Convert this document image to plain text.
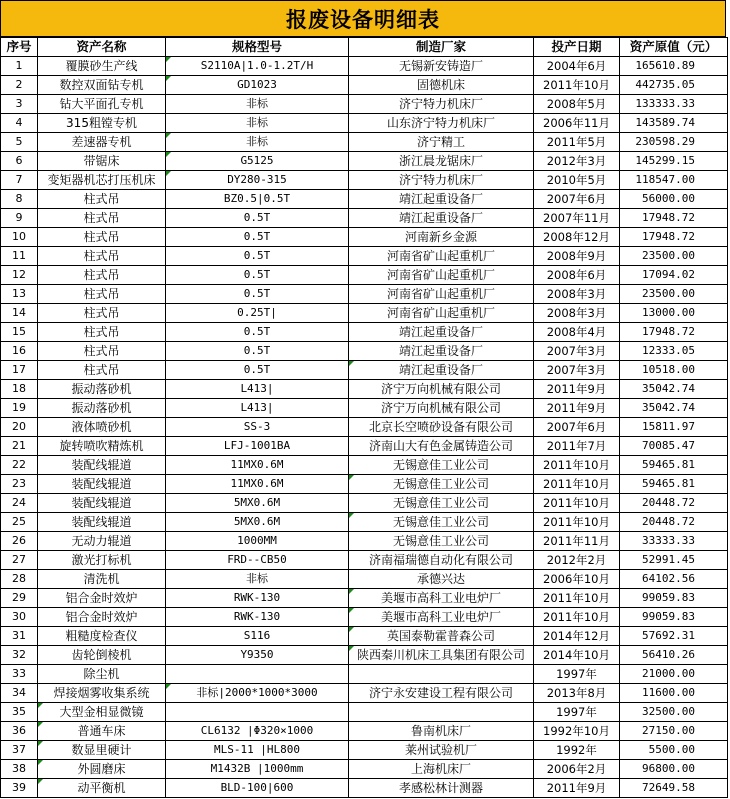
报废设备明细表
序号	资产名称	规格型号	制造厂家	投产日期	资产原值（元）
1	覆膜砂生产线	S2110A|1.0-1.2T/H	无锡新安铸造厂	2004年6月	165610.89
2	数控双面钻专机	GD1023	固德机床	2011年10月	442735.05
3	钻大平面孔专机	非标	济宁特力机床厂	2008年5月	133333.33
4	315粗镗专机	非标	山东济宁特力机床厂	2006年11月	143589.74
5	差速器专机	非标	济宁精工	2011年5月	230598.29
6	带锯床	G5125	浙江晨龙锯床厂	2012年3月	145299.15
7	变矩器机芯打压机床	DY280-315	济宁特力机床厂	2010年5月	118547.00
8	柱式吊	BZ0.5|0.5T	靖江起重设备厂	2007年6月	56000.00
9	柱式吊	0.5T	靖江起重设备厂	2007年11月	17948.72
10	柱式吊	0.5T	河南新乡金源	2008年12月	17948.72
11	柱式吊	0.5T	河南省矿山起重机厂	2008年9月	23500.00
12	柱式吊	0.5T	河南省矿山起重机厂	2008年6月	17094.02
13	柱式吊	0.5T	河南省矿山起重机厂	2008年3月	23500.00
14	柱式吊	0.25T|	河南省矿山起重机厂	2008年3月	13000.00
15	柱式吊	0.5T	靖江起重设备厂	2008年4月	17948.72
16	柱式吊	0.5T	靖江起重设备厂	2007年3月	12333.05
17	柱式吊	0.5T	靖江起重设备厂	2007年3月	10518.00
18	振动落砂机	L413|	济宁万向机械有限公司	2011年9月	35042.74
19	振动落砂机	L413|	济宁万向机械有限公司	2011年9月	35042.74
20	液体喷砂机	SS-3	北京长空喷砂设备有限公司	2007年6月	15811.97
21	旋转喷吹精炼机	LFJ-1001BA	济南山大有色金属铸造公司	2011年7月	70085.47
22	装配线辊道	11MX0.6M	无锡意佳工业公司	2011年10月	59465.81
23	装配线辊道	11MX0.6M	无锡意佳工业公司	2011年10月	59465.81
24	装配线辊道	5MX0.6M	无锡意佳工业公司	2011年10月	20448.72
25	装配线辊道	5MX0.6M	无锡意佳工业公司	2011年10月	20448.72
26	无动力辊道	1000MM	无锡意佳工业公司	2011年11月	33333.33
27	激光打标机	FRD--CB50	济南福瑞德自动化有限公司	2012年2月	52991.45
28	清洗机	非标	承德兴达	2006年10月	64102.56
29	铝合金时效炉	RWK-130	美堰市高科工业电炉厂	2011年10月	99059.83
30	铝合金时效炉	RWK-130	美堰市高科工业电炉厂	2011年10月	99059.83
31	粗糙度检查仪	S116	英国泰勒霍普森公司	2014年12月	57692.31
32	齿轮倒棱机	Y9350	陕西秦川机床工具集团有限公司	2014年10月	56410.26
33	除尘机			1997年	21000.00
34	焊接烟雾收集系统	非标|2000*1000*3000	济宁永安建设工程有限公司	2013年8月	11600.00
35	大型金相显微镜			1997年	32500.00
36	普通车床	CL6132 |Φ320×1000	鲁南机床厂	1992年10月	27150.00
37	数显里硬计	MLS-11 |HL800	莱州试验机厂	1992年	5500.00
38	外圆磨床	M1432B |1000mm	上海机床厂	2006年2月	96800.00
39	动平衡机	BLD-100|600	孝感松林计测器	2011年9月	72649.58
